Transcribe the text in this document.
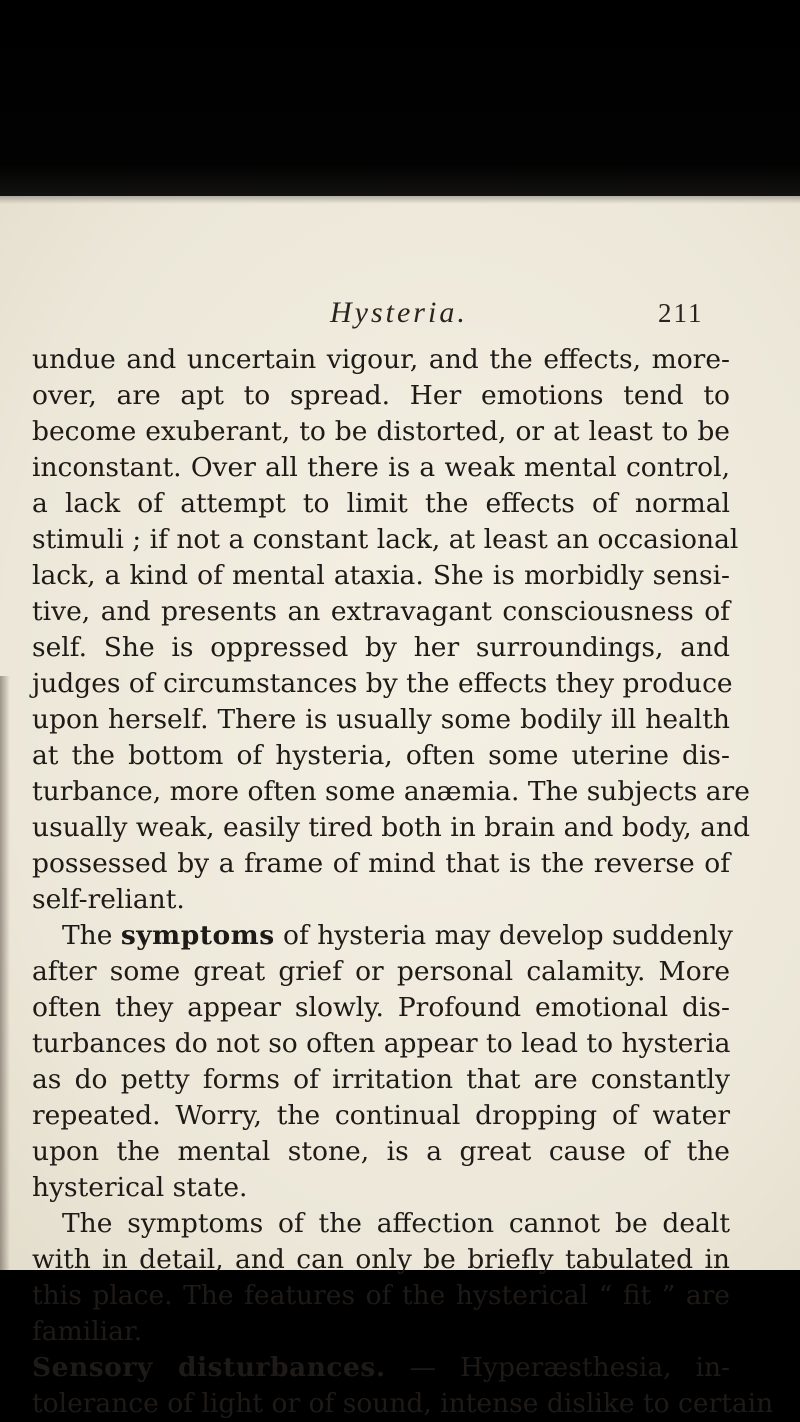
Hysteria.	211
undue and uncertain vigour, and the effects, more-
over, are apt to spread. Her emotions tend to
become exuberant, to be distorted, or at least to be
inconstant. Over all there is a weak mental control,
a lack of attempt to limit the effects of normal
stimuli ; if not a constant lack, at least an occasional
lack, a kind of mental ataxia. She is morbidly sensi-
tive, and presents an extravagant consciousness of
self. She is oppressed by her surroundings, and
judges of circumstances by the effects they produce
upon herself. There is usually some bodily ill health
at the bottom of hysteria, often some uterine dis-
turbance, more often some anæmia. The subjects are
usually weak, easily tired both in brain and body, and
possessed by a frame of mind that is the reverse of
self-reliant.
The symptoms of hysteria may develop suddenly
after some great grief or personal calamity. More
often they appear slowly. Profound emotional dis-
turbances do not so often appear to lead to hysteria
as do petty forms of irritation that are constantly
repeated. Worry, the continual dropping of water
upon the mental stone, is a great cause of the
hysterical state.
The symptoms of the affection cannot be dealt
with in detail, and can only be briefly tabulated in
this place. The features of the hysterical “ fit ” are
familiar.
Sensory disturbances. — Hyperæsthesia, in-
tolerance of light or of sound, intense dislike to certain
